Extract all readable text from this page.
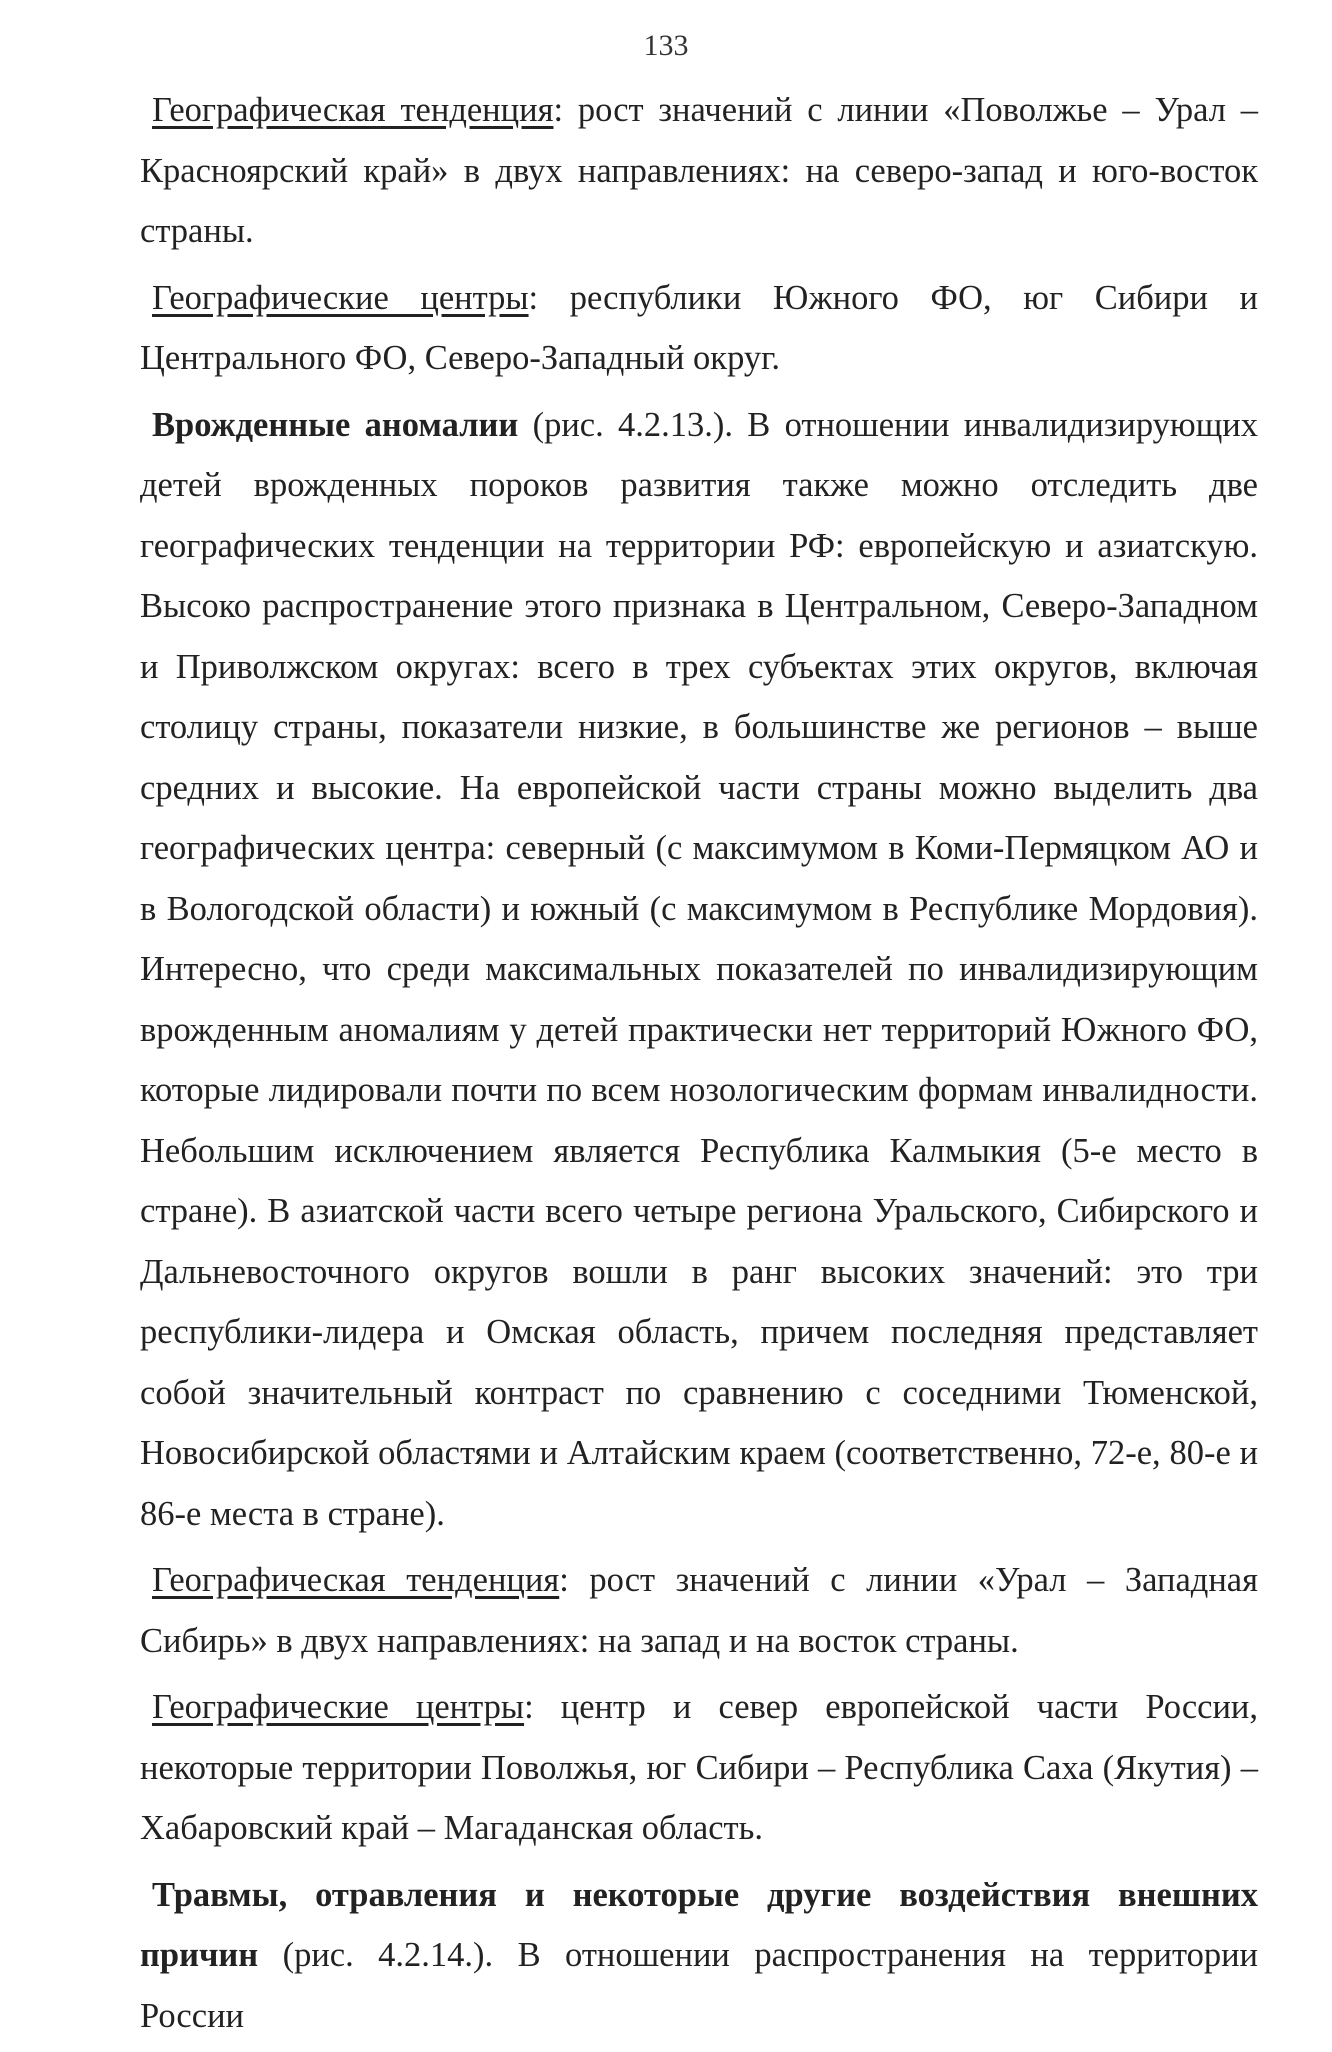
133

Географическая тенденция: рост значений с линии «Поволжье – Урал – Красноярский край» в двух направлениях: на северо-запад и юго-восток страны.

Географические центры: республики Южного ФО, юг Сибири и Центрального ФО, Северо-Западный округ.

Врожденные аномалии (рис. 4.2.13.). В отношении инвалидизирующих детей врожденных пороков развития также можно отследить две географических тенденции на территории РФ: европейскую и азиатскую. Высоко распространение этого признака в Центральном, Северо-Западном и Приволжском округах: всего в трех субъектах этих округов, включая столицу страны, показатели низкие, в большинстве же регионов – выше средних и высокие. На европейской части страны можно выделить два географических центра: северный (с максимумом в Коми-Пермяцком АО и в Вологодской области) и южный (с максимумом в Республике Мордовия). Интересно, что среди максимальных показателей по инвалидизирующим врожденным аномалиям у детей практически нет территорий Южного ФО, которые лидировали почти по всем нозологическим формам инвалидности. Небольшим исключением является Республика Калмыкия (5-е место в стране). В азиатской части всего четыре региона Уральского, Сибирского и Дальневосточного округов вошли в ранг высоких значений: это три республики-лидера и Омская область, причем последняя представляет собой значительный контраст по сравнению с соседними Тюменской, Новосибирской областями и Алтайским краем (соответственно, 72-е, 80-е и 86-е места в стране).

Географическая тенденция: рост значений с линии «Урал – Западная Сибирь» в двух направлениях: на запад и на восток страны.

Географические центры: центр и север европейской части России, некоторые территории Поволжья, юг Сибири – Республика Саха (Якутия) – Хабаровский край – Магаданская область.

Травмы, отравления и некоторые другие воздействия внешних причин (рис. 4.2.14.). В отношении распространения на территории России
